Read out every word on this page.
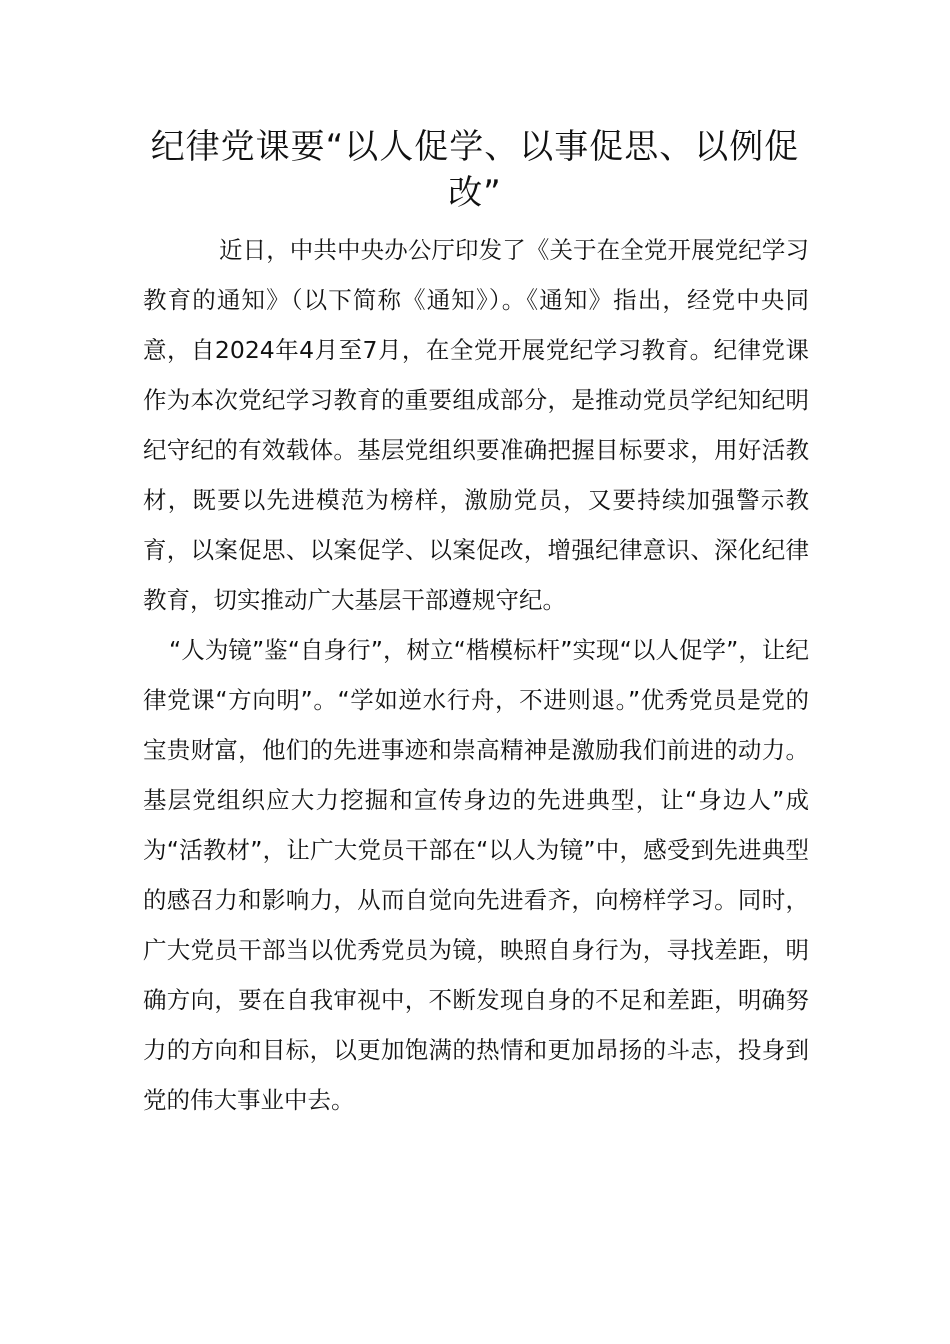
纪律党课要“以人促学、以事促思、以例促改”

近日，中共中央办公厅印发了《关于在全党开展党纪学习教育的通知》（以下简称《通知》）。《通知》指出，经党中央同意，自2024年4月至7月，在全党开展党纪学习教育。纪律党课作为本次党纪学习教育的重要组成部分，是推动党员学纪知纪明纪守纪的有效载体。基层党组织要准确把握目标要求，用好活教材，既要以先进模范为榜样，激励党员，又要持续加强警示教育，以案促思、以案促学、以案促改，增强纪律意识、深化纪律教育，切实推动广大基层干部遵规守纪。

“人为镜”鉴“自身行”，树立“楷模标杆”实现“以人促学”，让纪律党课“方向明”。“学如逆水行舟，不进则退。”优秀党员是党的宝贵财富，他们的先进事迹和崇高精神是激励我们前进的动力。基层党组织应大力挖掘和宣传身边的先进典型，让“身边人”成为“活教材”，让广大党员干部在“以人为镜”中，感受到先进典型的感召力和影响力，从而自觉向先进看齐，向榜样学习。同时，广大党员干部当以优秀党员为镜，映照自身行为，寻找差距，明确方向，要在自我审视中，不断发现自身的不足和差距，明确努力的方向和目标，以更加饱满的热情和更加昂扬的斗志，投身到党的伟大事业中去。
